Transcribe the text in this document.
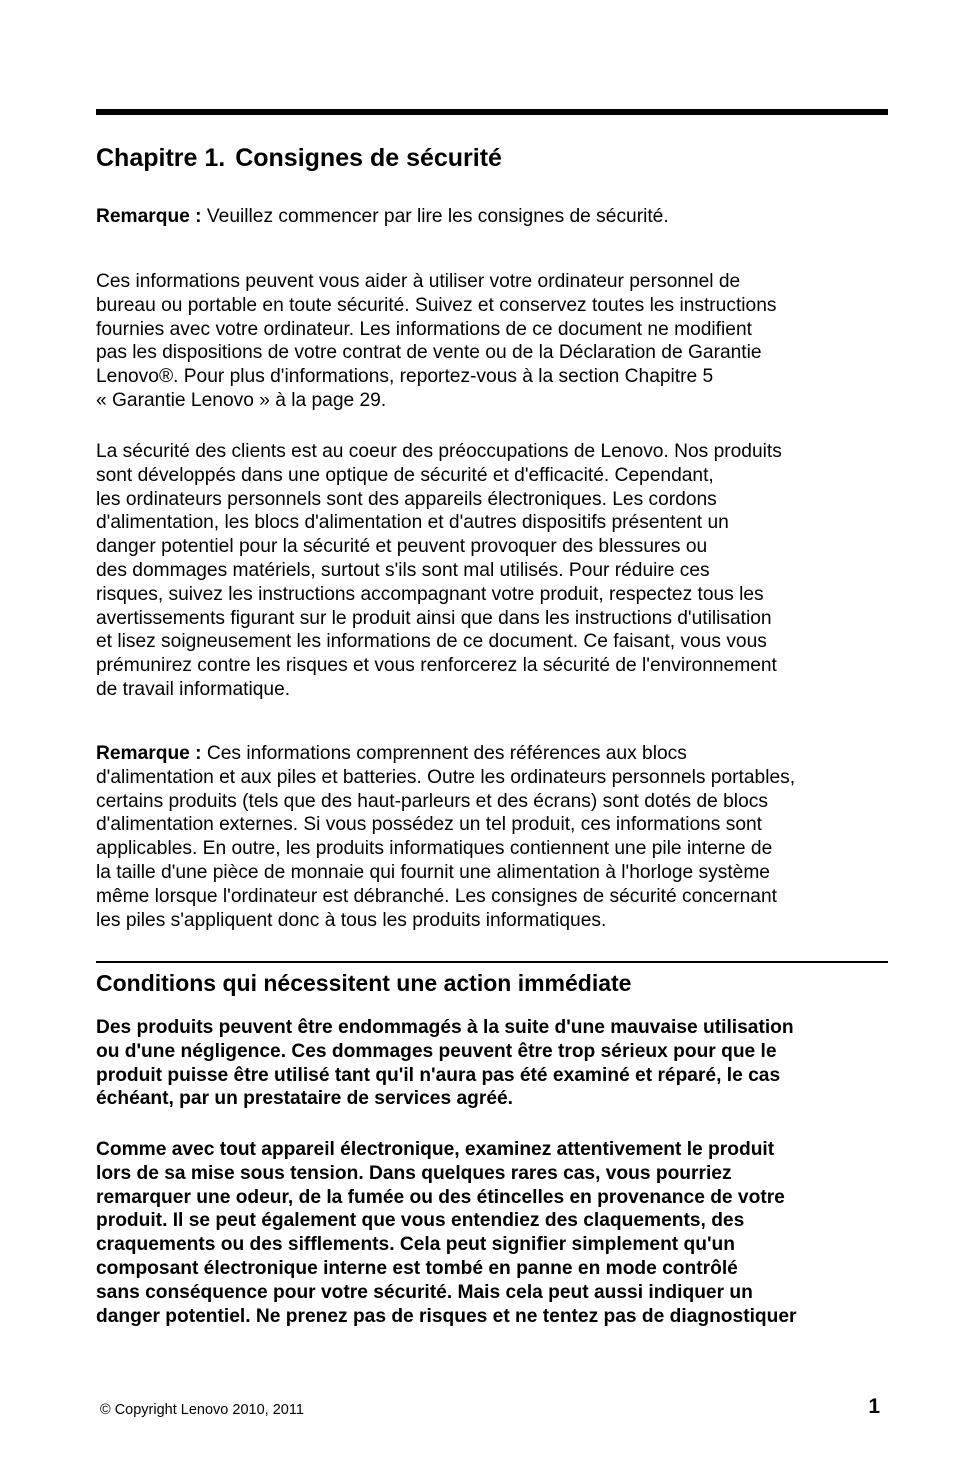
Chapitre 1. Consignes de sécurité

Remarque : Veuillez commencer par lire les consignes de sécurité.

Ces informations peuvent vous aider à utiliser votre ordinateur personnel de
bureau ou portable en toute sécurité. Suivez et conservez toutes les instructions
fournies avec votre ordinateur. Les informations de ce document ne modifient
pas les dispositions de votre contrat de vente ou de la Déclaration de Garantie
Lenovo®. Pour plus d'informations, reportez-vous à la section Chapitre 5
« Garantie Lenovo » à la page 29.

La sécurité des clients est au coeur des préoccupations de Lenovo. Nos produits
sont développés dans une optique de sécurité et d'efficacité. Cependant,
les ordinateurs personnels sont des appareils électroniques. Les cordons
d'alimentation, les blocs d'alimentation et d'autres dispositifs présentent un
danger potentiel pour la sécurité et peuvent provoquer des blessures ou
des dommages matériels, surtout s'ils sont mal utilisés. Pour réduire ces
risques, suivez les instructions accompagnant votre produit, respectez tous les
avertissements figurant sur le produit ainsi que dans les instructions d'utilisation
et lisez soigneusement les informations de ce document. Ce faisant, vous vous
prémunirez contre les risques et vous renforcerez la sécurité de l'environnement
de travail informatique.

Remarque : Ces informations comprennent des références aux blocs
d'alimentation et aux piles et batteries. Outre les ordinateurs personnels portables,
certains produits (tels que des haut-parleurs et des écrans) sont dotés de blocs
d'alimentation externes. Si vous possédez un tel produit, ces informations sont
applicables. En outre, les produits informatiques contiennent une pile interne de
la taille d'une pièce de monnaie qui fournit une alimentation à l'horloge système
même lorsque l'ordinateur est débranché. Les consignes de sécurité concernant
les piles s'appliquent donc à tous les produits informatiques.

Conditions qui nécessitent une action immédiate

Des produits peuvent être endommagés à la suite d'une mauvaise utilisation
ou d'une négligence. Ces dommages peuvent être trop sérieux pour que le
produit puisse être utilisé tant qu'il n'aura pas été examiné et réparé, le cas
échéant, par un prestataire de services agréé.

Comme avec tout appareil électronique, examinez attentivement le produit
lors de sa mise sous tension. Dans quelques rares cas, vous pourriez
remarquer une odeur, de la fumée ou des étincelles en provenance de votre
produit. Il se peut également que vous entendiez des claquements, des
craquements ou des sifflements. Cela peut signifier simplement qu'un
composant électronique interne est tombé en panne en mode contrôlé
sans conséquence pour votre sécurité. Mais cela peut aussi indiquer un
danger potentiel. Ne prenez pas de risques et ne tentez pas de diagnostiquer

© Copyright Lenovo 2010, 2011	1
